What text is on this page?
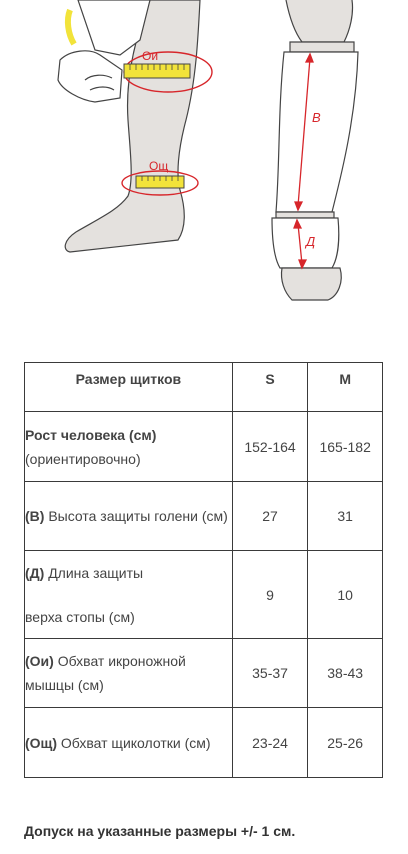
Ои
Ощ
В
Д
Размер щитков	S	M
Рост человека (см) (ориентировочно)	152-164	165-182
(В) Высота защиты голени (см)	27	31
(Д) Длина защиты
верха стопы (см)	9	10
(Ои) Обхват икроножной мышцы (см)	35-37	38-43
(Ощ) Обхват щиколотки (см)	23-24	25-26
Допуск на указанные размеры +/- 1 см.
